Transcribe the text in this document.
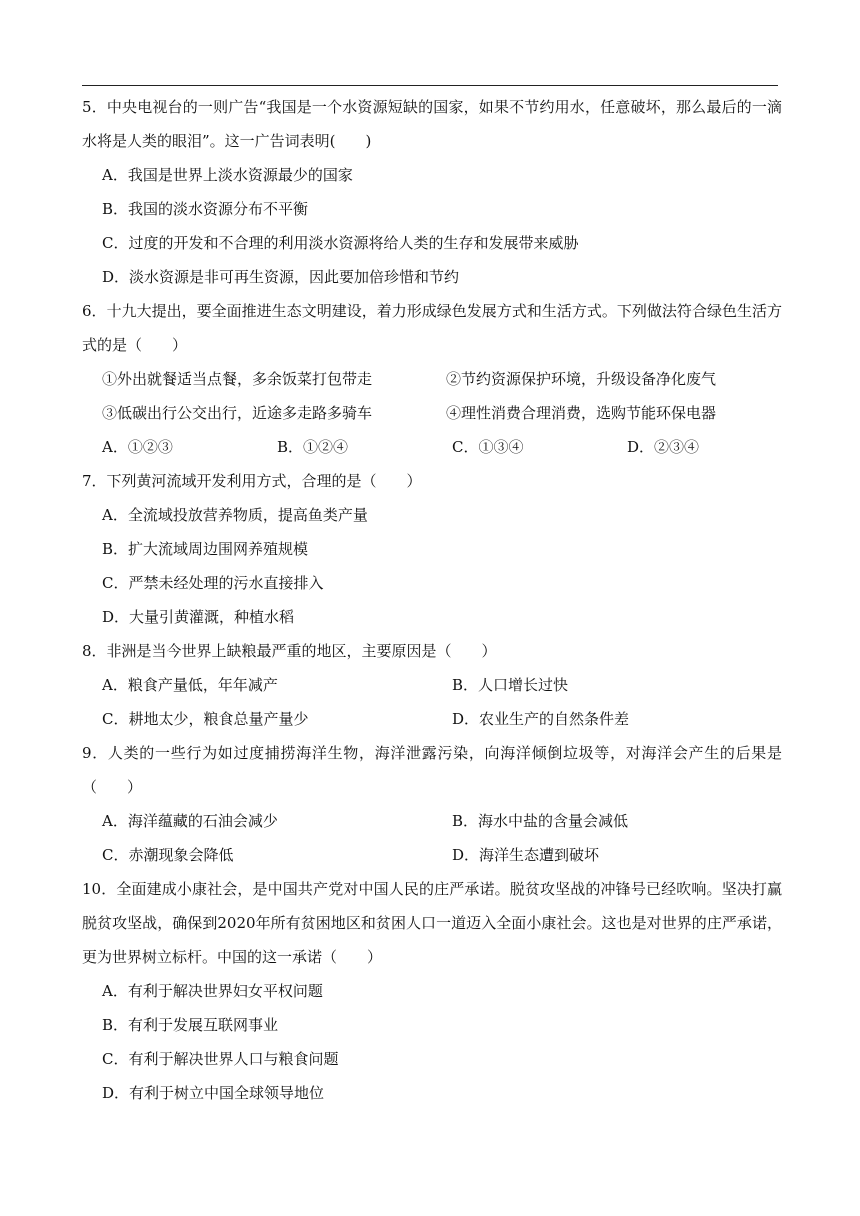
5．中央电视台的一则广告“我国是一个水资源短缺的国家，如果不节约用水，任意破坏，那么最后的一滴水将是人类的眼泪”。这一广告词表明(　　)

A．我国是世界上淡水资源最少的国家

B．我国的淡水资源分布不平衡

C．过度的开发和不合理的利用淡水资源将给人类的生存和发展带来威胁

D．淡水资源是非可再生资源，因此要加倍珍惜和节约

6．十九大提出，要全面推进生态文明建设，着力形成绿色发展方式和生活方式。下列做法符合绿色生活方式的是（　　）

①外出就餐适当点餐，多余饭菜打包带走	②节约资源保护环境，升级设备净化废气
③低碳出行公交出行，近途多走路多骑车	④理性消费合理消费，选购节能环保电器
A．①②③	B．①②④	C．①③④	D．②③④

7．下列黄河流域开发利用方式，合理的是（　　）

A．全流域投放营养物质，提高鱼类产量

B．扩大流域周边围网养殖规模

C．严禁未经处理的污水直接排入

D．大量引黄灌溉，种植水稻

8．非洲是当今世界上缺粮最严重的地区，主要原因是（　　）

A．粮食产量低，年年减产	B．人口增长过快
C．耕地太少，粮食总量产量少	D．农业生产的自然条件差

9．人类的一些行为如过度捕捞海洋生物，海洋泄露污染，向海洋倾倒垃圾等，对海洋会产生的后果是（　　）

A．海洋蕴藏的石油会减少	B．海水中盐的含量会减低
C．赤潮现象会降低	D．海洋生态遭到破坏

10．全面建成小康社会，是中国共产党对中国人民的庄严承诺。脱贫攻坚战的冲锋号已经吹响。坚决打赢脱贫攻坚战，确保到2020年所有贫困地区和贫困人口一道迈入全面小康社会。这也是对世界的庄严承诺，更为世界树立标杆。中国的这一承诺（　　）

A．有利于解决世界妇女平权问题

B．有利于发展互联网事业

C．有利于解决世界人口与粮食问题

D．有利于树立中国全球领导地位
